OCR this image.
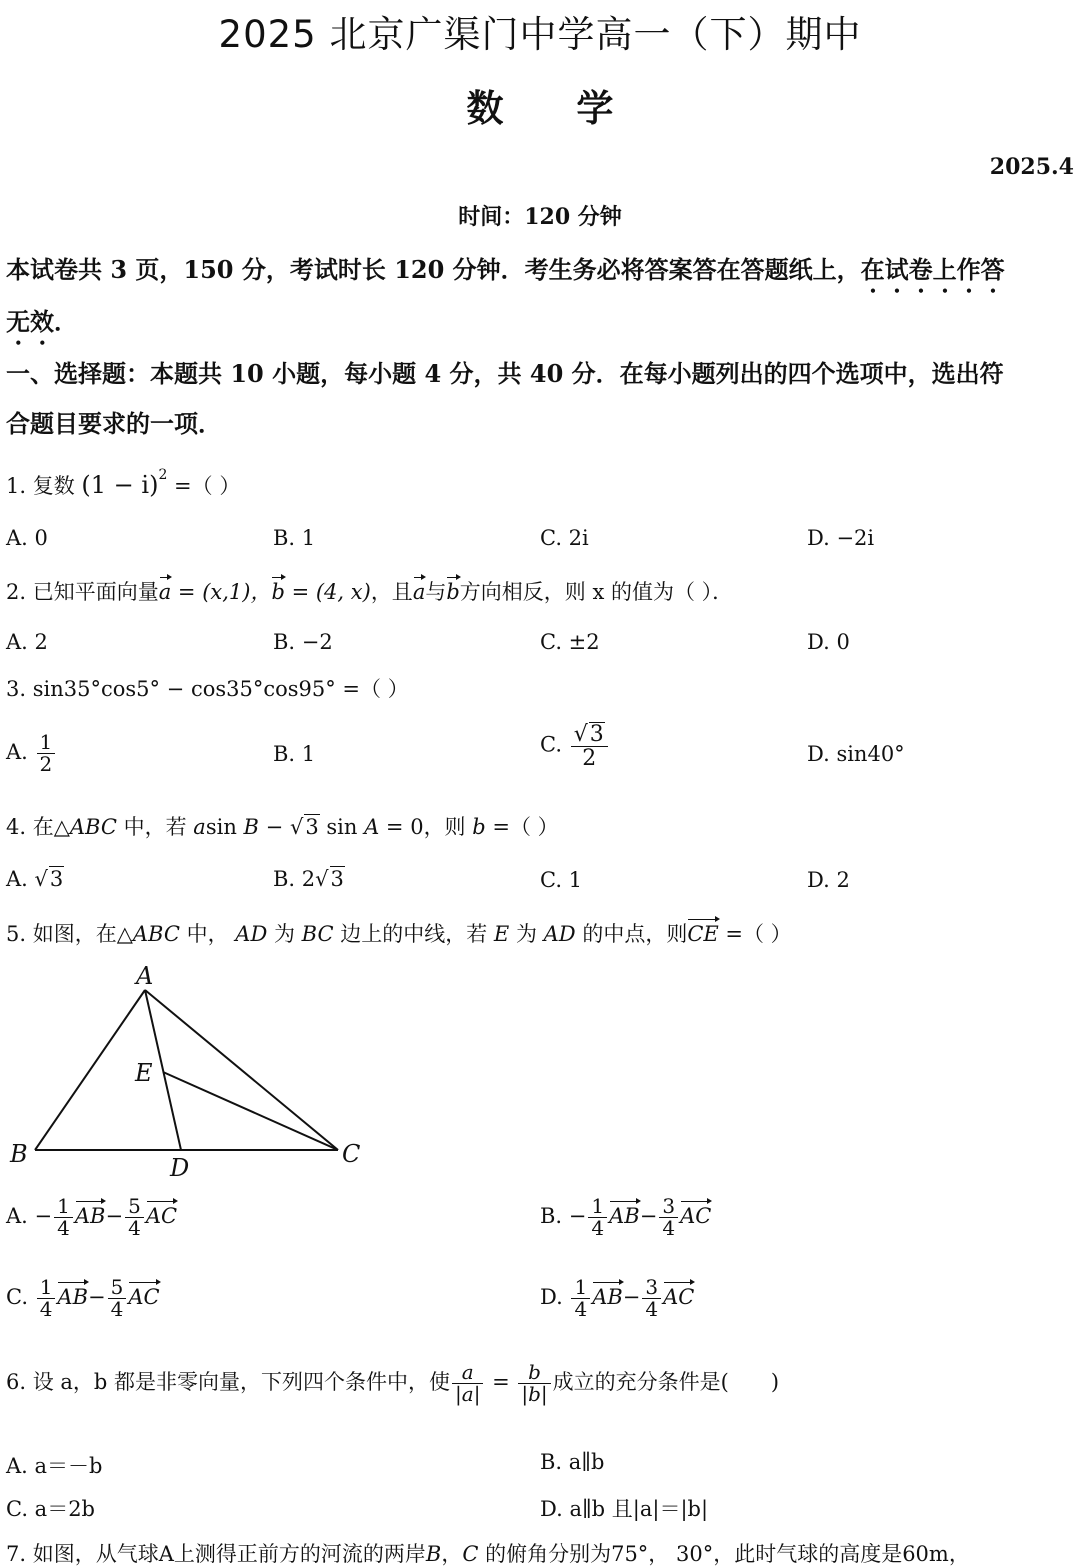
2025 北京广渠门中学高一（下）期中
数 学
2025.4
时间：120 分钟
本试卷共 3 页，150 分，考试时长 120 分钟．考生务必将答案答在答题纸上，在试卷上作答
无效．
一、选择题：本题共 10 小题，每小题 4 分，共 40 分．在每小题列出的四个选项中，选出符
合题目要求的一项．
1. 复数 $(1 - i)^2$ =（ ）
A. 0	B. 1	C. 2i	D. −2i
2. 已知平面向量a = (x,1)，b = (4, x)，且a与b方向相反，则 x 的值为（ ）．
A. 2	B. −2	C. ±2	D. 0
3. sin35°cos5° − cos35°cos95° =（ ）
A. $\frac{1}{2}$	B. 1	C. $\frac{√3}{2}$	D. sin40°
4. 在△ABC 中，若 asin B − √3 sin A = 0，则 b =（ ）
A. √3	B. 2√3	C. 1	D. 2
5. 如图，在△ABC 中， AD 为 BC 边上的中线，若 E 为 AD 的中点，则CE =（ ）
A
B	C
D
E
A. − $\frac{1}{4} AB- \frac{5}{4}$ AC	B. − $\frac{1}{4} AB- \frac{3}{4}$ AC
C. $\frac{1}{4} AB- \frac{5}{4}$ AC	D. $\frac{1}{4} AB- \frac{3}{4}$ AC
6. 设 a，b 都是非零向量，下列四个条件中，使 $\frac{a}{|a|} = \frac{b}{|b|}$ 成立的充分条件是(　　)
A. a＝－b	B. a∥b
C. a＝2b	D. a∥b 且|a|＝|b|
7. 如图，从气球A上测得正前方的河流的两岸B，C 的俯角分别为75°， 30°，此时气球的高度是60m，
